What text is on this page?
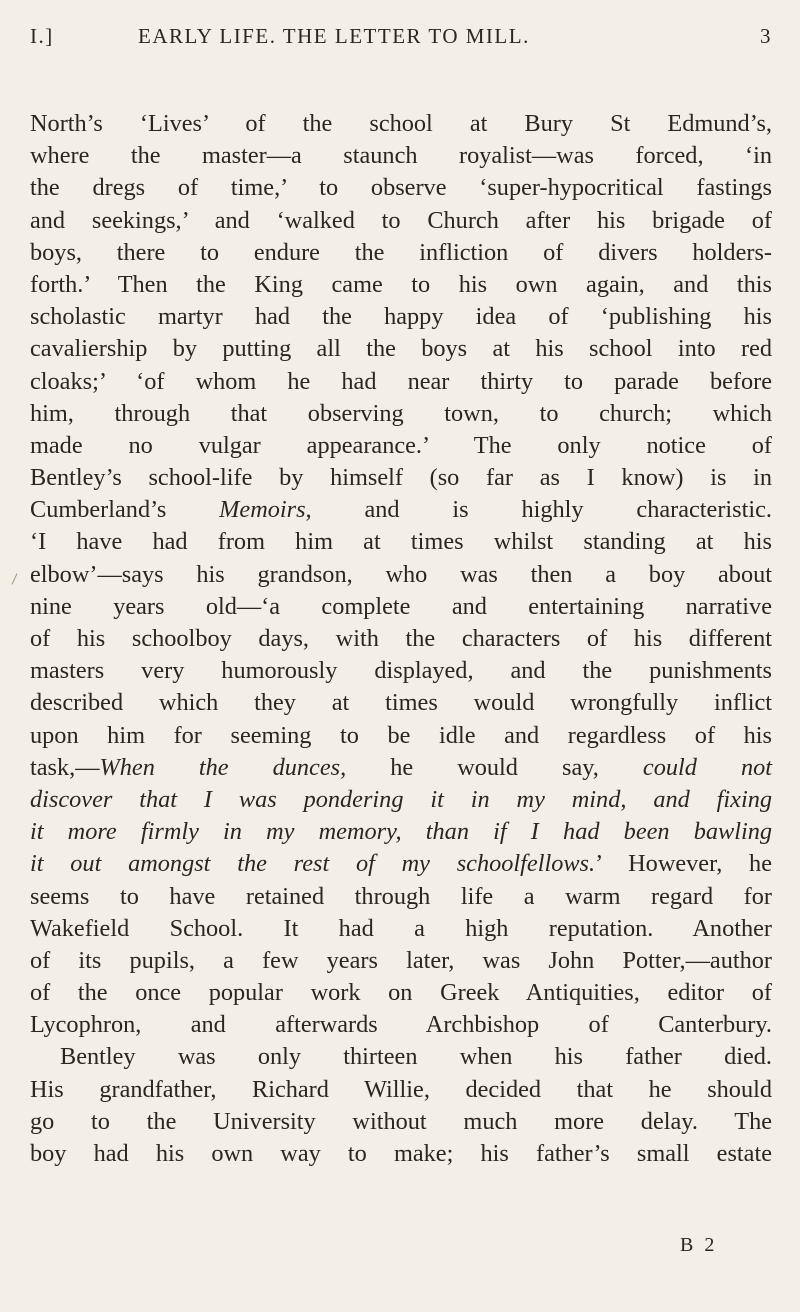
I.]	EARLY LIFE. THE LETTER TO MILL.	3
North’s ‘Lives’ of the school at Bury St Edmund’s,
where the master—a staunch royalist—was forced, ‘in
the dregs of time,’ to observe ‘super-hypocritical fastings
and seekings,’ and ‘walked to Church after his brigade of
boys, there to endure the infliction of divers holders-
forth.’ Then the King came to his own again, and this
scholastic martyr had the happy idea of ‘publishing his
cavaliership by putting all the boys at his school into red
cloaks;’ ‘of whom he had near thirty to parade before
him, through that observing town, to church; which
made no vulgar appearance.’ The only notice of
Bentley’s school-life by himself (so far as I know) is in
Cumberland’s Memoirs, and is highly characteristic.
‘I have had from him at times whilst standing at his
elbow’—says his grandson, who was then a boy about
nine years old—‘a complete and entertaining narrative
of his schoolboy days, with the characters of his different
masters very humorously displayed, and the punishments
described which they at times would wrongfully inflict
upon him for seeming to be idle and regardless of his
task,—When the dunces, he would say, could not
discover that I was pondering it in my mind, and fixing
it more firmly in my memory, than if I had been bawling
it out amongst the rest of my schoolfellows.’ However, he
seems to have retained through life a warm regard for
Wakefield School. It had a high reputation. Another
of its pupils, a few years later, was John Potter,—author
of the once popular work on Greek Antiquities, editor of
Lycophron, and afterwards Archbishop of Canterbury.
Bentley was only thirteen when his father died.
His grandfather, Richard Willie, decided that he should
go to the University without much more delay. The
boy had his own way to make; his father’s small estate
B 2
